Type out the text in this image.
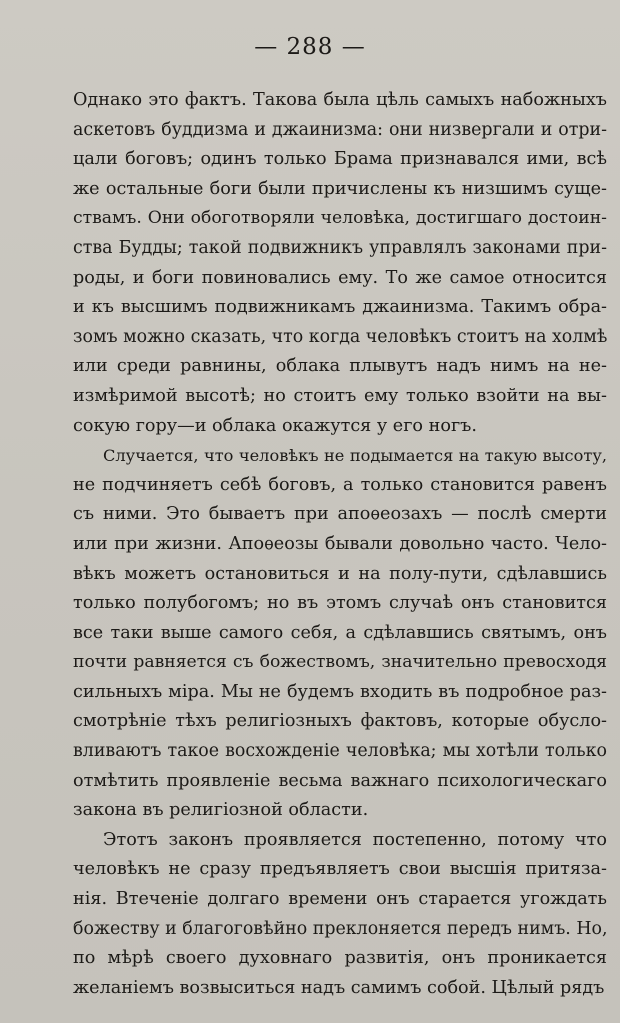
— 288 —
Однако это фактъ. Такова была цѣль самыхъ набожныхъ
аскетовъ буддизма и джаинизма: они низвергали и отри-
цали боговъ; одинъ только Брама признавался ими, всѣ
же остальные боги были причислены къ низшимъ суще-
ствамъ. Они обоготворяли человѣка, достигшаго достоин-
ства Будды; такой подвижникъ управлялъ законами при-
роды, и боги повиновались ему. То же самое относится
и къ высшимъ подвижникамъ джаинизма. Такимъ обра-
зомъ можно сказать, что когда человѣкъ стоитъ на холмѣ
или среди равнины, облака плывутъ надъ нимъ на не-
измѣримой высотѣ; но стоитъ ему только взойти на вы-
сокую гору—и облака окажутся у его ногъ.
Случается, что человѣкъ не подымается на такую высоту,
не подчиняетъ себѣ боговъ, а только становится равенъ
съ ними. Это бываетъ при апоѳеозахъ — послѣ смерти
или при жизни. Апоѳеозы бывали довольно часто. Чело-
вѣкъ можетъ остановиться и на полу-пути, сдѣлавшись
только полубогомъ; но въ этомъ случаѣ онъ становится
все таки выше самого себя, а сдѣлавшись святымъ, онъ
почти равняется съ божествомъ, значительно превосходя
сильныхъ міра. Мы не будемъ входить въ подробное раз-
смотрѣніе тѣхъ религіозныхъ фактовъ, которые обусло-
вливаютъ такое восхожденіе человѣка; мы хотѣли только
отмѣтить проявленіе весьма важнаго психологическаго
закона въ религіозной области.
Этотъ законъ проявляется постепенно, потому что
человѣкъ не сразу предъявляетъ свои высшія притяза-
нія. Втеченіе долгаго времени онъ старается угождать
божеству и благоговѣйно преклоняется передъ нимъ. Но,
по мѣрѣ своего духовнаго развитія, онъ проникается
желаніемъ возвыситься надъ самимъ собой. Цѣлый рядъ
